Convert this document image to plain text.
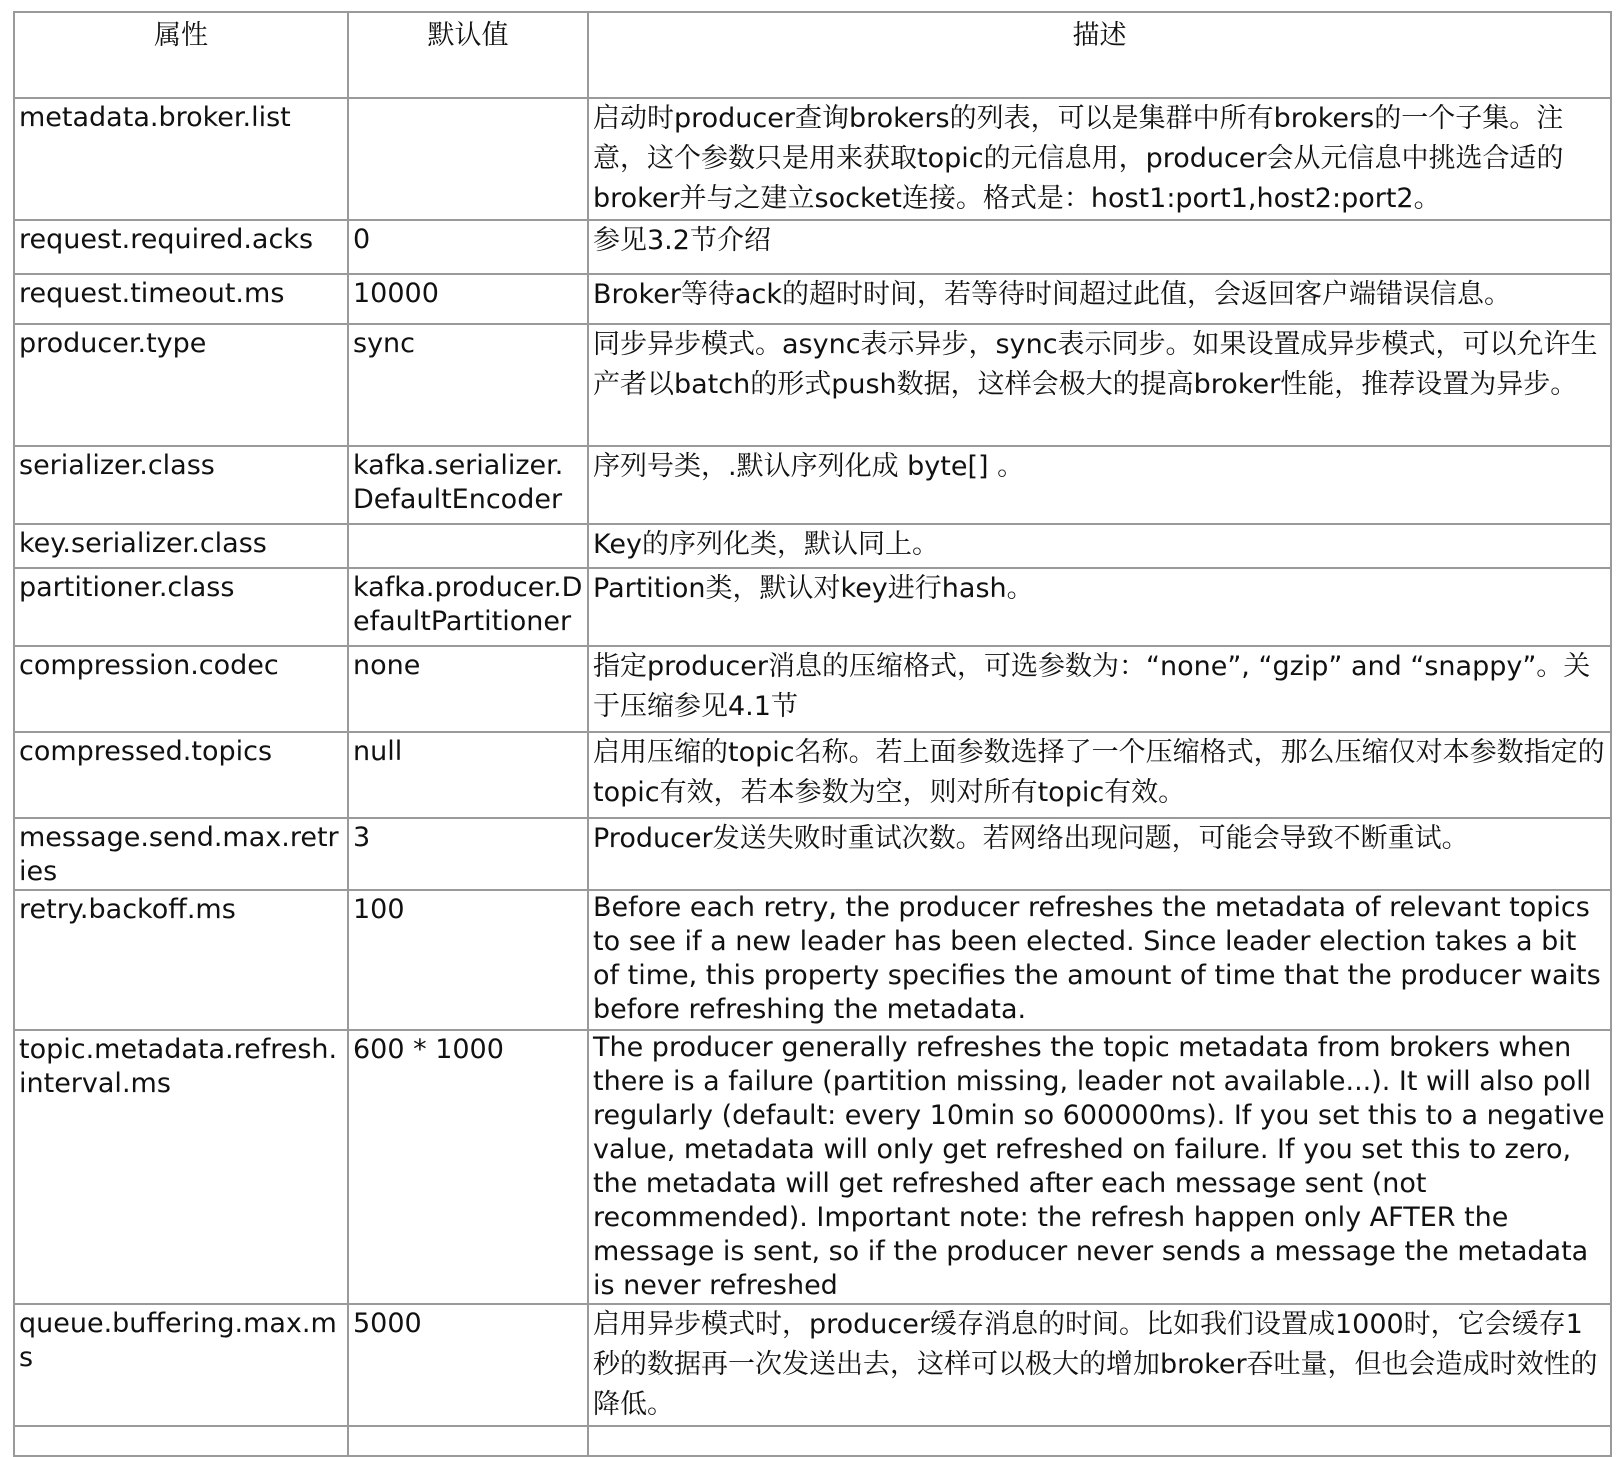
属性	默认值	描述
metadata.broker.list		启动时producer查询brokers的列表，可以是集群中所有brokers的一个子集。注意，这个参数只是用来获取topic的元信息用，producer会从元信息中挑选合适的broker并与之建立socket连接。格式是：host1:port1,host2:port2。
request.required.acks	0	参见3.2节介绍
request.timeout.ms	10000	Broker等待ack的超时时间，若等待时间超过此值，会返回客户端错误信息。
producer.type	sync	同步异步模式。async表示异步，sync表示同步。如果设置成异步模式，可以允许生产者以batch的形式push数据，这样会极大的提高broker性能，推荐设置为异步。
serializer.class	kafka.serializer.DefaultEncoder	序列号类，.默认序列化成 byte[] 。
key.serializer.class		Key的序列化类，默认同上。
partitioner.class	kafka.producer.DefaultPartitioner	Partition类，默认对key进行hash。
compression.codec	none	指定producer消息的压缩格式，可选参数为：“none”, “gzip” and “snappy”。关于压缩参见4.1节
compressed.topics	null	启用压缩的topic名称。若上面参数选择了一个压缩格式，那么压缩仅对本参数指定的topic有效，若本参数为空，则对所有topic有效。
message.send.max.retries	3	Producer发送失败时重试次数。若网络出现问题，可能会导致不断重试。
retry.backoff.ms	100	Before each retry, the producer refreshes the metadata of relevant topics to see if a new leader has been elected. Since leader election takes a bit of time, this property specifies the amount of time that the producer waits before refreshing the metadata.
topic.metadata.refresh.interval.ms	600 * 1000	The producer generally refreshes the topic metadata from brokers when there is a failure (partition missing, leader not available...). It will also poll regularly (default: every 10min so 600000ms). If you set this to a negative value, metadata will only get refreshed on failure. If you set this to zero, the metadata will get refreshed after each message sent (not recommended). Important note: the refresh happen only AFTER the message is sent, so if the producer never sends a message the metadata is never refreshed
queue.buffering.max.ms	5000	启用异步模式时，producer缓存消息的时间。比如我们设置成1000时，它会缓存1秒的数据再一次发送出去，这样可以极大的增加broker吞吐量，但也会造成时效性的降低。
